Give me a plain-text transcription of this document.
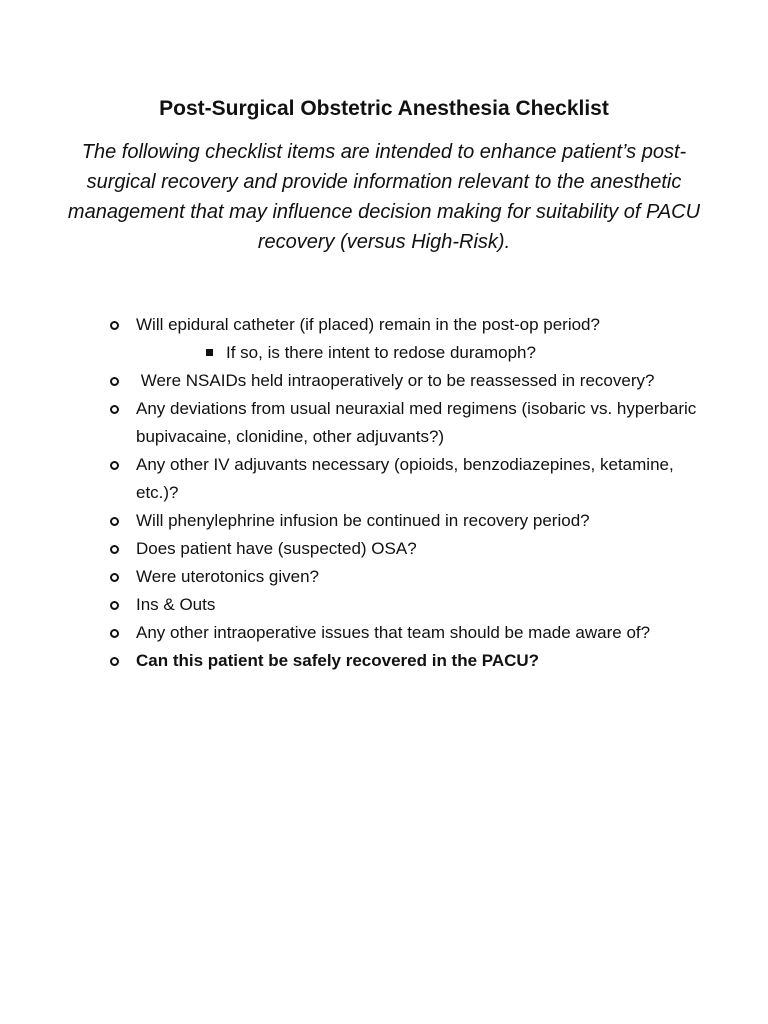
Post-Surgical Obstetric Anesthesia Checklist

The following checklist items are intended to enhance patient’s post-surgical recovery and provide information relevant to the anesthetic management that may influence decision making for suitability of PACU recovery (versus High-Risk).

Will epidural catheter (if placed) remain in the post-op period?
If so, is there intent to redose duramoph?
Were NSAIDs held intraoperatively or to be reassessed in recovery?
Any deviations from usual neuraxial med regimens (isobaric vs. hyperbaric bupivacaine, clonidine, other adjuvants?)
Any other IV adjuvants necessary (opioids, benzodiazepines, ketamine, etc.)?
Will phenylephrine infusion be continued in recovery period?
Does patient have (suspected) OSA?
Were uterotonics given?
Ins & Outs
Any other intraoperative issues that team should be made aware of?
Can this patient be safely recovered in the PACU?
